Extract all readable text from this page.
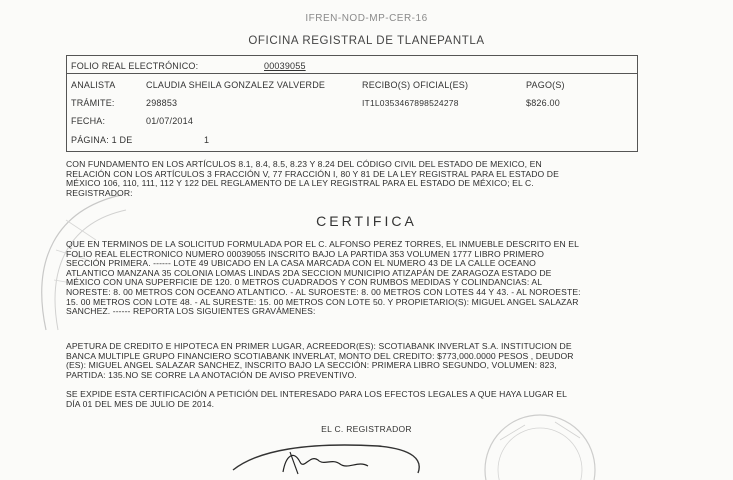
IFREN-NOD-MP-CER-16
OFICINA REGISTRAL DE TLANEPANTLA
FOLIO REAL ELECTRÓNICO:	00039055
ANALISTA	CLAUDIA SHEILA GONZALEZ VALVERDE	RECIBO(S) OFICIAL(ES)	PAGO(S)
TRÁMITE:	298853	IT1L0353467898524278	$826.00
FECHA:	01/07/2014
PÁGINA: 1 DE	1
CON FUNDAMENTO EN LOS ARTÍCULOS 8.1, 8.4, 8.5, 8.23 Y 8.24 DEL CÓDIGO CIVIL DEL ESTADO DE MEXICO, EN
RELACIÓN CON LOS ARTÍCULOS 3 FRACCIÓN V, 77 FRACCIÓN I, 80 Y 81 DE LA LEY REGISTRAL PARA EL ESTADO DE
MÉXICO 106, 110, 111, 112 Y 122 DEL REGLAMENTO DE LA LEY REGISTRAL PARA EL ESTADO DE MÉXICO; EL C.
REGISTRADOR:
CERTIFICA
QUE EN TERMINOS DE LA SOLICITUD FORMULADA POR EL C. ALFONSO PEREZ TORRES, EL INMUEBLE DESCRITO EN EL
FOLIO REAL ELECTRONICO NUMERO 00039055 INSCRITO BAJO LA PARTIDA 353 VOLUMEN 1777 LIBRO PRIMERO
SECCIÓN PRIMERA. ------ LOTE 49 UBICADO EN LA CASA MARCADA CON EL NUMERO 43 DE LA CALLE OCEANO
ATLANTICO MANZANA 35 COLONIA LOMAS LINDAS 2DA SECCION MUNICIPIO ATIZAPÁN DE ZARAGOZA ESTADO DE
MÉXICO CON UNA SUPERFICIE DE 120. 0 METROS CUADRADOS Y CON RUMBOS MEDIDAS Y COLINDANCIAS: AL
NORESTE: 8. 00 METROS CON OCEANO ATLANTICO. - AL SUROESTE: 8. 00 METROS CON LOTES 44 Y 43. - AL NOROESTE:
15. 00 METROS CON LOTE 48. - AL SURESTE: 15. 00 METROS CON LOTE 50. Y PROPIETARIO(S): MIGUEL ANGEL SALAZAR
SANCHEZ. ------ REPORTA LOS SIGUIENTES GRAVÁMENES:
APETURA DE CREDITO E HIPOTECA EN PRIMER LUGAR, ACREEDOR(ES): SCOTIABANK INVERLAT S.A. INSTITUCION DE
BANCA MULTIPLE GRUPO FINANCIERO SCOTIABANK INVERLAT, MONTO DEL CREDITO: $773,000.0000 PESOS , DEUDOR
(ES): MIGUEL ANGEL SALAZAR SANCHEZ, INSCRITO BAJO LA SECCIÓN: PRIMERA LIBRO SEGUNDO, VOLUMEN: 823,
PARTIDA: 135.NO SE CORRE LA ANOTACIÓN DE AVISO PREVENTIVO.
SE EXPIDE ESTA CERTIFICACIÓN A PETICIÓN DEL INTERESADO PARA LOS EFECTOS LEGALES A QUE HAYA LUGAR EL
DÍA 01 DEL MES DE JULIO DE 2014.
EL C. REGISTRADOR
